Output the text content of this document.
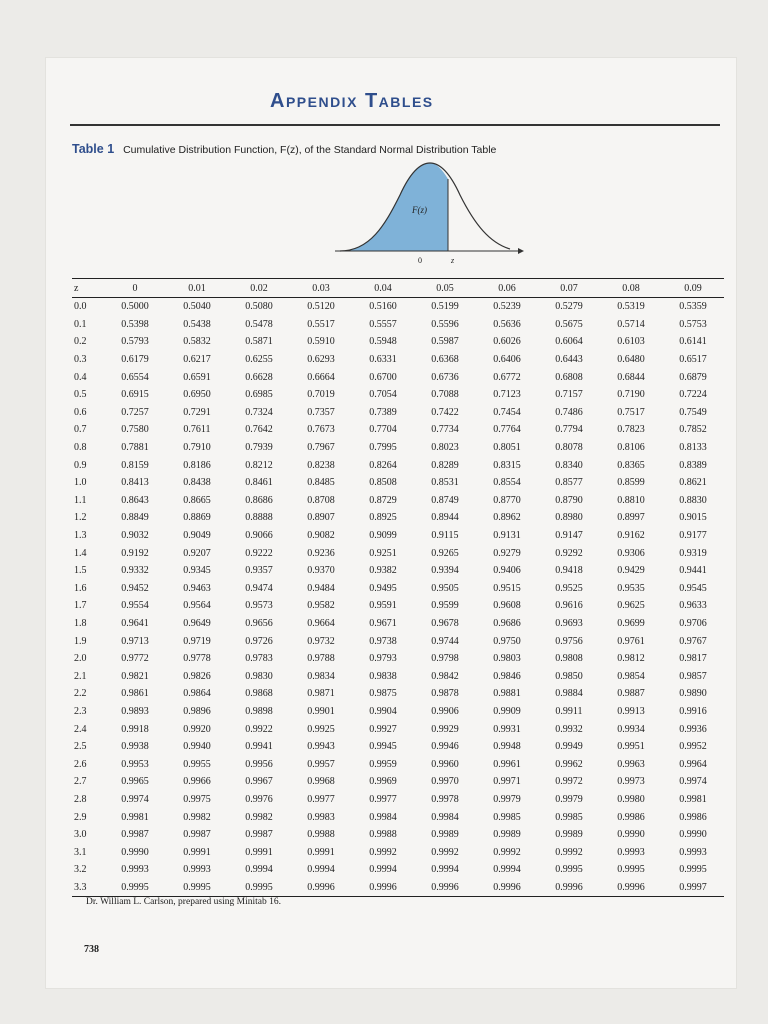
Appendix Tables
Table 1 Cumulative Distribution Function, F(z), of the Standard Normal Distribution Table
F(z)
0	z
z	0	0.01	0.02	0.03	0.04	0.05	0.06	0.07	0.08	0.09
0.0	0.5000	0.5040	0.5080	0.5120	0.5160	0.5199	0.5239	0.5279	0.5319	0.5359
0.1	0.5398	0.5438	0.5478	0.5517	0.5557	0.5596	0.5636	0.5675	0.5714	0.5753
0.2	0.5793	0.5832	0.5871	0.5910	0.5948	0.5987	0.6026	0.6064	0.6103	0.6141
0.3	0.6179	0.6217	0.6255	0.6293	0.6331	0.6368	0.6406	0.6443	0.6480	0.6517
0.4	0.6554	0.6591	0.6628	0.6664	0.6700	0.6736	0.6772	0.6808	0.6844	0.6879
0.5	0.6915	0.6950	0.6985	0.7019	0.7054	0.7088	0.7123	0.7157	0.7190	0.7224
0.6	0.7257	0.7291	0.7324	0.7357	0.7389	0.7422	0.7454	0.7486	0.7517	0.7549
0.7	0.7580	0.7611	0.7642	0.7673	0.7704	0.7734	0.7764	0.7794	0.7823	0.7852
0.8	0.7881	0.7910	0.7939	0.7967	0.7995	0.8023	0.8051	0.8078	0.8106	0.8133
0.9	0.8159	0.8186	0.8212	0.8238	0.8264	0.8289	0.8315	0.8340	0.8365	0.8389
1.0	0.8413	0.8438	0.8461	0.8485	0.8508	0.8531	0.8554	0.8577	0.8599	0.8621
1.1	0.8643	0.8665	0.8686	0.8708	0.8729	0.8749	0.8770	0.8790	0.8810	0.8830
1.2	0.8849	0.8869	0.8888	0.8907	0.8925	0.8944	0.8962	0.8980	0.8997	0.9015
1.3	0.9032	0.9049	0.9066	0.9082	0.9099	0.9115	0.9131	0.9147	0.9162	0.9177
1.4	0.9192	0.9207	0.9222	0.9236	0.9251	0.9265	0.9279	0.9292	0.9306	0.9319
1.5	0.9332	0.9345	0.9357	0.9370	0.9382	0.9394	0.9406	0.9418	0.9429	0.9441
1.6	0.9452	0.9463	0.9474	0.9484	0.9495	0.9505	0.9515	0.9525	0.9535	0.9545
1.7	0.9554	0.9564	0.9573	0.9582	0.9591	0.9599	0.9608	0.9616	0.9625	0.9633
1.8	0.9641	0.9649	0.9656	0.9664	0.9671	0.9678	0.9686	0.9693	0.9699	0.9706
1.9	0.9713	0.9719	0.9726	0.9732	0.9738	0.9744	0.9750	0.9756	0.9761	0.9767
2.0	0.9772	0.9778	0.9783	0.9788	0.9793	0.9798	0.9803	0.9808	0.9812	0.9817
2.1	0.9821	0.9826	0.9830	0.9834	0.9838	0.9842	0.9846	0.9850	0.9854	0.9857
2.2	0.9861	0.9864	0.9868	0.9871	0.9875	0.9878	0.9881	0.9884	0.9887	0.9890
2.3	0.9893	0.9896	0.9898	0.9901	0.9904	0.9906	0.9909	0.9911	0.9913	0.9916
2.4	0.9918	0.9920	0.9922	0.9925	0.9927	0.9929	0.9931	0.9932	0.9934	0.9936
2.5	0.9938	0.9940	0.9941	0.9943	0.9945	0.9946	0.9948	0.9949	0.9951	0.9952
2.6	0.9953	0.9955	0.9956	0.9957	0.9959	0.9960	0.9961	0.9962	0.9963	0.9964
2.7	0.9965	0.9966	0.9967	0.9968	0.9969	0.9970	0.9971	0.9972	0.9973	0.9974
2.8	0.9974	0.9975	0.9976	0.9977	0.9977	0.9978	0.9979	0.9979	0.9980	0.9981
2.9	0.9981	0.9982	0.9982	0.9983	0.9984	0.9984	0.9985	0.9985	0.9986	0.9986
3.0	0.9987	0.9987	0.9987	0.9988	0.9988	0.9989	0.9989	0.9989	0.9990	0.9990
3.1	0.9990	0.9991	0.9991	0.9991	0.9992	0.9992	0.9992	0.9992	0.9993	0.9993
3.2	0.9993	0.9993	0.9994	0.9994	0.9994	0.9994	0.9994	0.9995	0.9995	0.9995
3.3	0.9995	0.9995	0.9995	0.9996	0.9996	0.9996	0.9996	0.9996	0.9996	0.9997
Dr. William L. Carlson, prepared using Minitab 16.
738
